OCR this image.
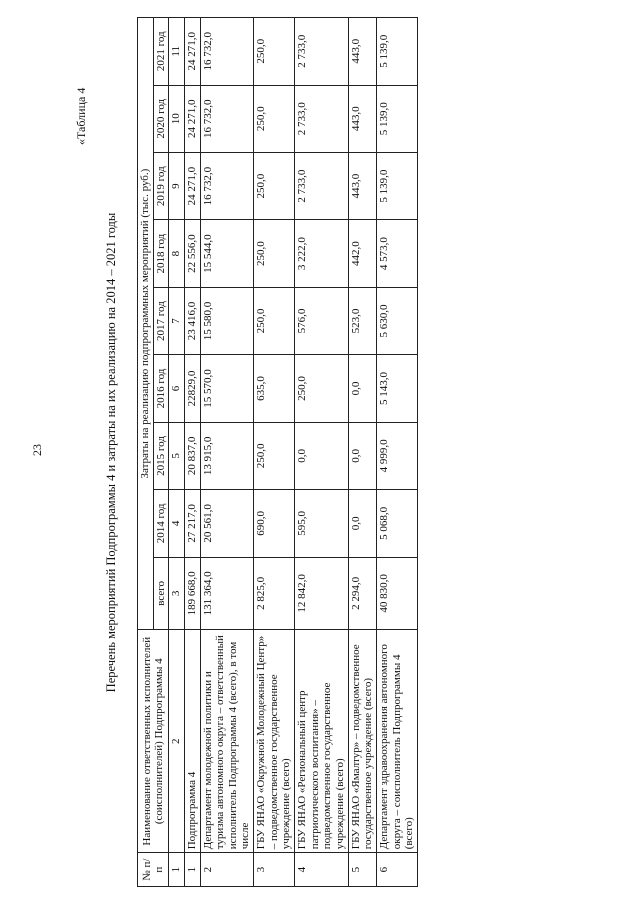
23
«Таблица 4
Перечень мероприятий Подпрограммы 4 и затраты на их реализацию на 2014 – 2021 годы
№ п/п	Наименование ответственных исполнителей (соисполнителей) Подпрограммы 4	Затраты на реализацию подпрограммных мероприятий (тыс. руб.)								
		всего	2014 год	2015 год	2016 год	2017 год	2018 год	2019 год	2020 год	2021 год
1	2	3	4	5	6	7	8	9	10	11
1	Подпрограмма 4	189 668,0	27 217,0	20 837,0	22829,0	23 416,0	22 556,0	24 271,0	24 271,0	24 271,0
2	Департамент молодежной политики и туризма автономного округа – ответственный исполнитель Подпрограммы 4 (всего), в том числе	131 364,0	20 561,0	13 915,0	15 570,0	15 580,0	15 544,0	16 732,0	16 732,0	16 732,0
3	ГБУ ЯНАО «Окружной Молодежный Центр» – подведомственное государственное учреждение (всего)	2 825,0	690,0	250,0	635,0	250,0	250,0	250,0	250,0	250,0
4	ГБУ ЯНАО «Региональный центр патриотического воспитания» – подведомственное государственное учреждение (всего)	12 842,0	595,0	0,0	250,0	576,0	3 222,0	2 733,0	2 733,0	2 733,0
5	ГБУ ЯНАО «Ямалтур» – подведомственное государственное учреждение (всего)	2 294,0	0,0	0,0	0,0	523,0	442,0	443,0	443,0	443,0
6	Департамент здравоохранения автономного округа – соисполнитель Подпрограммы 4 (всего)	40 830,0	5 068,0	4 999,0	5 143,0	5 630,0	4 573,0	5 139,0	5 139,0	5 139,0
